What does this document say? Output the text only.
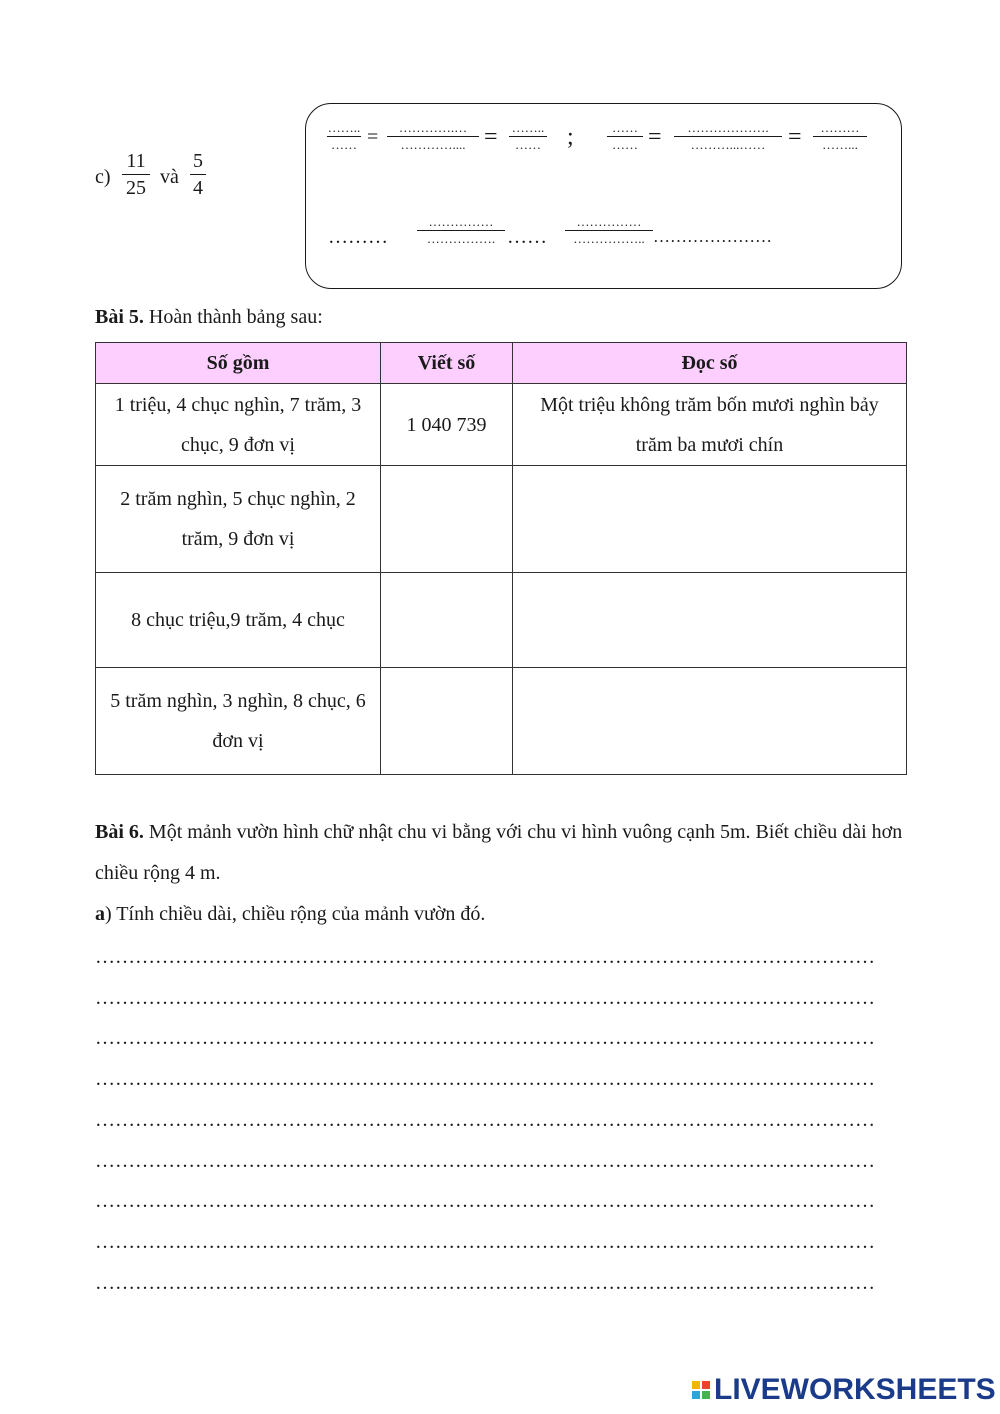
c)
11
25 và
5
4
……..
…… = ………….…
………….... = ……..
…… ;	……
…… = ……………….
………...…… = ………
……...
………
……………
……………. ……
……………
…………….. …………………
Bài 5. Hoàn thành bảng sau:
Số gồm	Viết số	Đọc số
1 triệu, 4 chục nghìn, 7 trăm, 3 chục, 9 đơn vị	1 040 739	Một triệu không trăm bốn mươi nghìn bảy trăm ba mươi chín
2 trăm nghìn, 5 chục nghìn, 2 trăm, 9 đơn vị		
8 chục triệu,9 trăm, 4 chục		
5 trăm nghìn, 3 nghìn, 8 chục, 6 đơn vị		
Bài 6. Một mảnh vườn hình chữ nhật chu vi bằng với chu vi hình vuông cạnh 5m. Biết chiều dài hơn chiều rộng 4 m.
a) Tính chiều dài, chiều rộng của mảnh vườn đó.
………………………………………………………………………………………………………
………………………………………………………………………………………………………
………………………………………………………………………………………………………
………………………………………………………………………………………………………
………………………………………………………………………………………………………
………………………………………………………………………………………………………
………………………………………………………………………………………………………
………………………………………………………………………………………………………
………………………………………………………………………………………………………
LIVEWORKSHEETS
